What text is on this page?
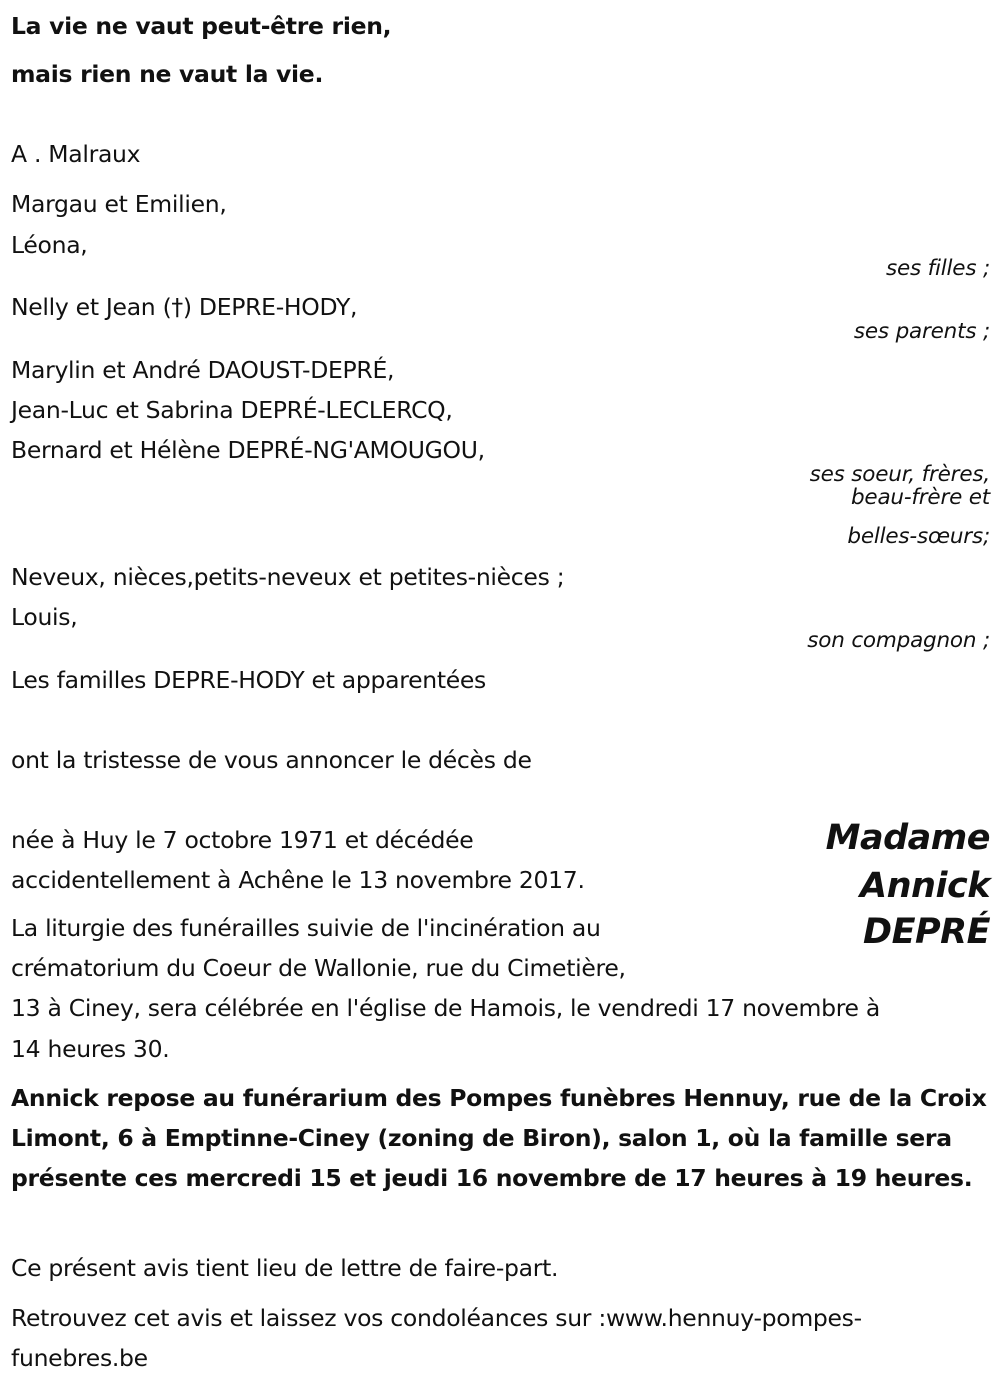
La vie ne vaut peut-être rien,
mais rien ne vaut la vie.
A . Malraux
Margau et Emilien,
Léona,
ses filles ;
Nelly et Jean (†) DEPRE-HODY,
ses parents ;
Marylin et André DAOUST-DEPRÉ,
Jean-Luc et Sabrina DEPRÉ-LECLERCQ,
Bernard et Hélène DEPRÉ-NG'AMOUGOU,
ses soeur, frères,
beau-frère et
belles-sœurs;
Neveux, nièces,petits-neveux et petites-nièces ;
Louis,
son compagnon ;
Les familles DEPRE-HODY et apparentées
ont la tristesse de vous annoncer le décès de
Madame
Annick
DEPRÉ
née à Huy le 7 octobre 1971 et décédée
accidentellement à Achêne le 13 novembre 2017.
La liturgie des funérailles suivie de l'incinération au
crématorium du Coeur de Wallonie, rue du Cimetière,
13 à Ciney, sera célébrée en l'église de Hamois, le vendredi 17 novembre à
14 heures 30.
Annick repose au funérarium des Pompes funèbres Hennuy, rue de la Croix Limont, 6 à Emptinne-Ciney (zoning de Biron), salon 1, où la famille sera présente ces mercredi 15 et jeudi 16 novembre de 17 heures à 19 heures.
Ce présent avis tient lieu de lettre de faire-part.
Retrouvez cet avis et laissez vos condoléances sur :www.hennuy-pompes-funebres.be
